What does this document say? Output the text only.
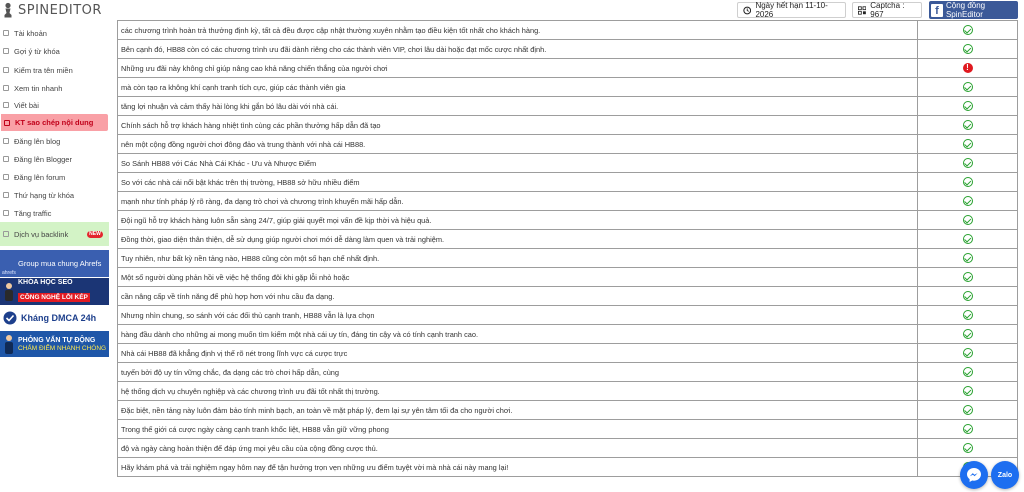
SPINEDITOR	Ngày hết hạn 11-10-2026
Captcha : 967	f Cộng đồng SpinEditor
Tài khoản
Gợi ý từ khóa
Kiểm tra tên miền
Xem tin nhanh
Viết bài
KT sao chép nội dung
Đăng lên blog
Đăng lên Blogger
Đăng lên forum
Thứ hạng từ khóa
Tăng traffic
Dịch vụ backlink	NEW
Group mua chung Ahrefs
ahrefs
KHÓA HỌC SEO
CÔNG NGHỆ LỖI KÉP
Kháng DMCA 24h
PHỎNG VẤN TỰ ĐỘNG
CHẤM ĐIỂM NHANH CHÓNG
các chương trình hoàn trả thưởng định kỳ, tất cả đều được cập nhật thường xuyên nhằm tạo điều kiện tốt nhất cho khách hàng.	
Bên cạnh đó, HB88 còn có các chương trình ưu đãi dành riêng cho các thành viên VIP, chơi lâu dài hoặc đạt mốc cược nhất định.	
Những ưu đãi này không chỉ giúp nâng cao khả năng chiến thắng của người chơi	!
mà còn tạo ra không khí cạnh tranh tích cực, giúp các thành viên gia	
tăng lợi nhuận và cảm thấy hài lòng khi gắn bó lâu dài với nhà cái.	
Chính sách hỗ trợ khách hàng nhiệt tình cùng các phần thưởng hấp dẫn đã tạo	
nên một cộng đồng người chơi đông đảo và trung thành với nhà cái HB88.	
So Sánh HB88 với Các Nhà Cái Khác - Ưu và Nhược Điểm	
So với các nhà cái nổi bật khác trên thị trường, HB88 sở hữu nhiều điểm	
mạnh như tính pháp lý rõ ràng, đa dạng trò chơi và chương trình khuyến mãi hấp dẫn.	
Đội ngũ hỗ trợ khách hàng luôn sẵn sàng 24/7, giúp giải quyết mọi vấn đề kịp thời và hiệu quả.	
Đồng thời, giao diện thân thiện, dễ sử dụng giúp người chơi mới dễ dàng làm quen và trải nghiệm.	
Tuy nhiên, như bất kỳ nền tảng nào, HB88 cũng còn một số hạn chế nhất định.	
Một số người dùng phản hồi về việc hệ thống đôi khi gặp lỗi nhỏ hoặc	
cần nâng cấp về tính năng để phù hợp hơn với nhu cầu đa dạng.	
Nhưng nhìn chung, so sánh với các đối thủ cạnh tranh, HB88 vẫn là lựa chọn	
hàng đầu dành cho những ai mong muốn tìm kiếm một nhà cái uy tín, đáng tin cậy và có tính cạnh tranh cao.	
Nhà cái HB88 đã khẳng định vị thế rõ nét trong lĩnh vực cá cược trực	
tuyến bởi độ uy tín vững chắc, đa dạng các trò chơi hấp dẫn, cùng	
hệ thống dịch vụ chuyên nghiệp và các chương trình ưu đãi tốt nhất thị trường.	
Đặc biệt, nền tảng này luôn đảm bảo tính minh bạch, an toàn về mặt pháp lý, đem lại sự yên tâm tối đa cho người chơi.	
Trong thế giới cá cược ngày càng cạnh tranh khốc liệt, HB88 vẫn giữ vững phong	
độ và ngày càng hoàn thiện để đáp ứng mọi yêu cầu của cộng đồng cược thủ.	
Hãy khám phá và trải nghiệm ngay hôm nay để tận hưởng trọn vẹn những ưu điểm tuyệt vời mà nhà cái này mang lại!	
Zalo
